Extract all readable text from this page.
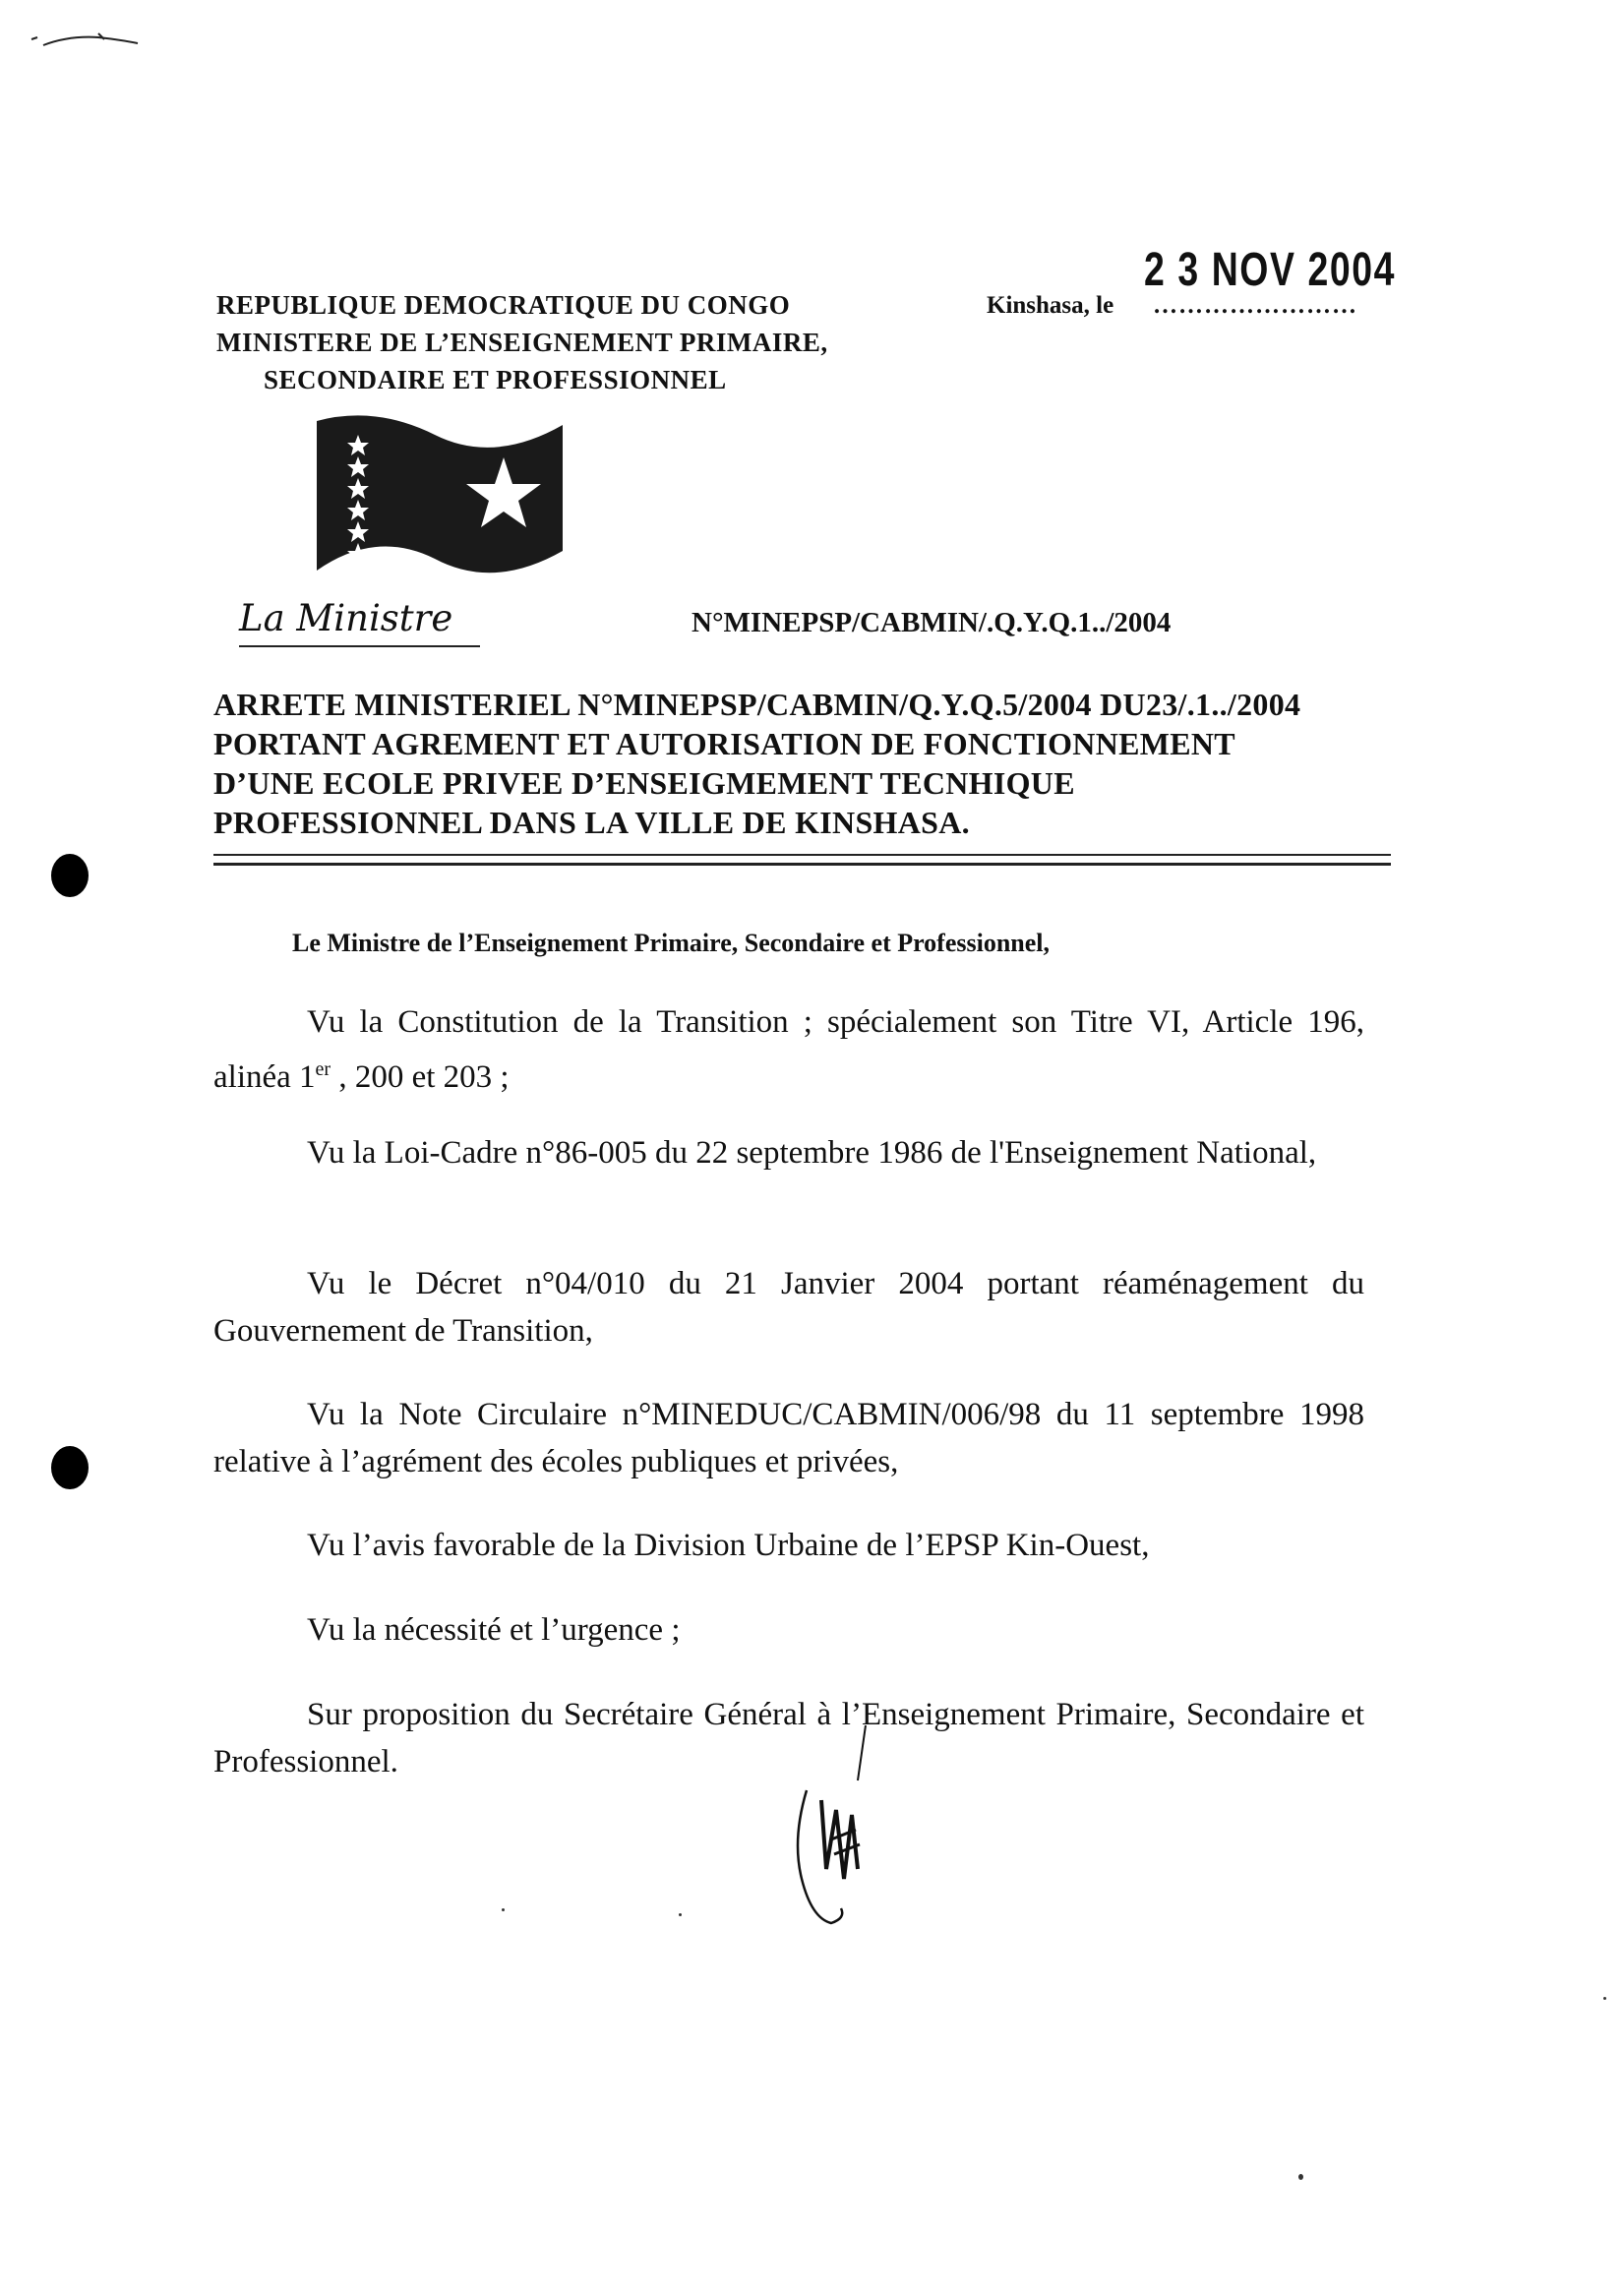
REPUBLIQUE DEMOCRATIQUE DU CONGO
MINISTERE DE L’ENSEIGNEMENT PRIMAIRE,
SECONDAIRE ET PROFESSIONNEL
2 3 NOV 2004
Kinshasa, le ……………………
La Ministre	N°MINEPSP/CABMIN/.Q.Y.Q.1../2004
ARRETE MINISTERIEL N°MINEPSP/CABMIN/Q.Y.Q.5/2004 DU23/.1../2004
PORTANT AGREMENT ET AUTORISATION DE FONCTIONNEMENT
D’UNE ECOLE PRIVEE D’ENSEIGMEMENT TECNHIQUE
PROFESSIONNEL DANS LA VILLE DE KINSHASA.
Le Ministre de l’Enseignement Primaire, Secondaire et Professionnel,
Vu la Constitution de la Transition ; spécialement son Titre VI, Article 196, alinéa 1er , 200 et 203 ;
Vu la Loi-Cadre n°86-005 du 22 septembre 1986 de l'Enseignement National,
Vu le Décret n°04/010 du 21 Janvier 2004 portant réaménagement du Gouvernement de Transition,
Vu la Note Circulaire n°MINEDUC/CABMIN/006/98 du 11 septembre 1998 relative à l’agrément des écoles publiques et privées,
Vu l’avis favorable de la Division Urbaine de l’EPSP Kin-Ouest,
Vu la nécessité et l’urgence ;
Sur proposition du Secrétaire Général à l’Enseignement Primaire, Secondaire et Professionnel.
